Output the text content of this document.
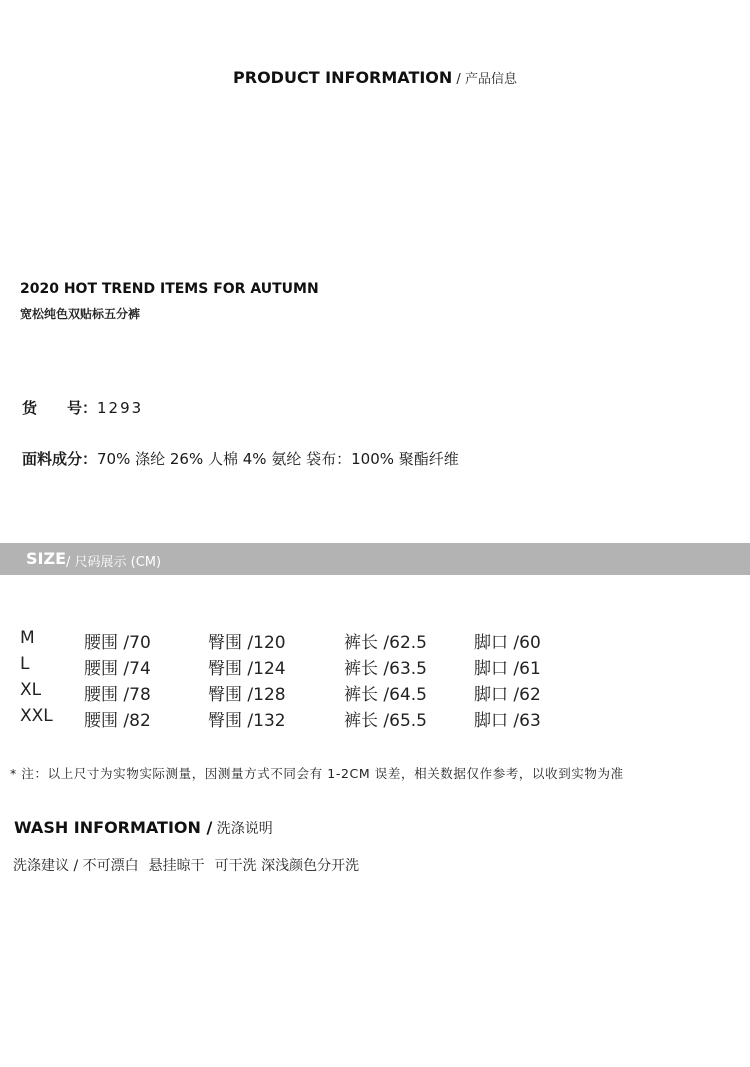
PRODUCT INFORMATION / 产品信息
2020 HOT TREND ITEMS FOR AUTUMN
宽松纯色双贴标五分裤
货　　号：1293
面料成分：70% 涤纶 26% 人棉 4% 氨纶 袋布：100% 聚酯纤维
SIZE / 尺码展示 (CM)
M	腰围 /70	臀围 /120	裤长 /62.5	脚口 /60
L	腰围 /74	臀围 /124	裤长 /63.5	脚口 /61
XL	腰围 /78	臀围 /128	裤长 /64.5	脚口 /62
XXL 腰围 /82	臀围 /132	裤长 /65.5	脚口 /63
* 注：以上尺寸为实物实际测量，因测量方式不同会有 1-2CM 误差，相关数据仅作参考，以收到实物为准
WASH INFORMATION / 洗涤说明
洗涤建议 / 不可漂白 悬挂晾干 可干洗 深浅颜色分开洗
